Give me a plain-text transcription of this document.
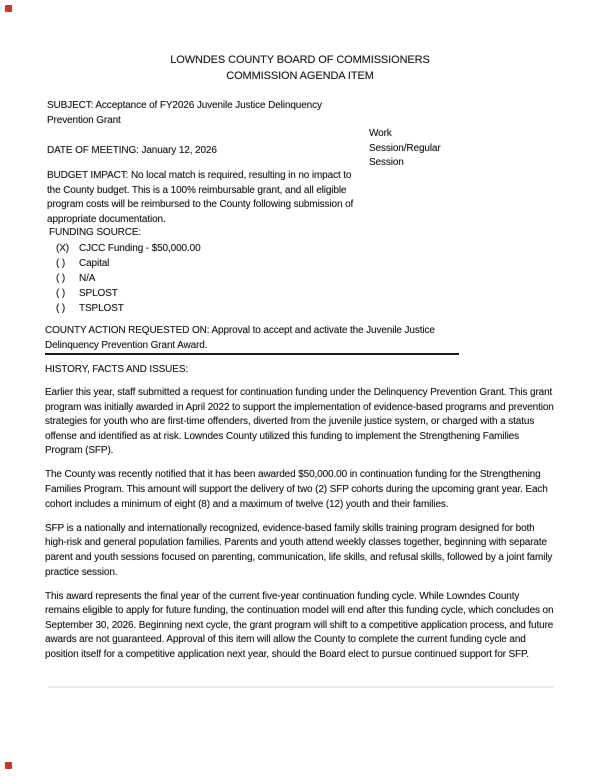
LOWNDES COUNTY BOARD OF COMMISSIONERS
COMMISSION AGENDA ITEM
SUBJECT: Acceptance of FY2026 Juvenile Justice Delinquency Prevention Grant
Work Session/Regular Session
DATE OF MEETING: January 12, 2026
BUDGET IMPACT: No local match is required, resulting in no impact to the County budget. This is a 100% reimbursable grant, and all eligible program costs will be reimbursed to the County following submission of appropriate documentation.
FUNDING SOURCE:
(X)	CJCC Funding - $50,000.00
( )	Capital
( )	N/A
( )	SPLOST
( )	TSPLOST
COUNTY ACTION REQUESTED ON: Approval to accept and activate the Juvenile Justice Delinquency Prevention Grant Award.
HISTORY, FACTS AND ISSUES:

Earlier this year, staff submitted a request for continuation funding under the Delinquency Prevention Grant. This grant program was initially awarded in April 2022 to support the implementation of evidence-based programs and prevention strategies for youth who are first-time offenders, diverted from the juvenile justice system, or charged with a status offense and identified as at risk. Lowndes County utilized this funding to implement the Strengthening Families Program (SFP).

The County was recently notified that it has been awarded $50,000.00 in continuation funding for the Strengthening Families Program. This amount will support the delivery of two (2) SFP cohorts during the upcoming grant year. Each cohort includes a minimum of eight (8) and a maximum of twelve (12) youth and their families.

SFP is a nationally and internationally recognized, evidence-based family skills training program designed for both high-risk and general population families. Parents and youth attend weekly classes together, beginning with separate parent and youth sessions focused on parenting, communication, life skills, and refusal skills, followed by a joint family practice session.

This award represents the final year of the current five-year continuation funding cycle. While Lowndes County remains eligible to apply for future funding, the continuation model will end after this funding cycle, which concludes on September 30, 2026. Beginning next cycle, the grant program will shift to a competitive application process, and future awards are not guaranteed. Approval of this item will allow the County to complete the current funding cycle and position itself for a competitive application next year, should the Board elect to pursue continued support for SFP.
